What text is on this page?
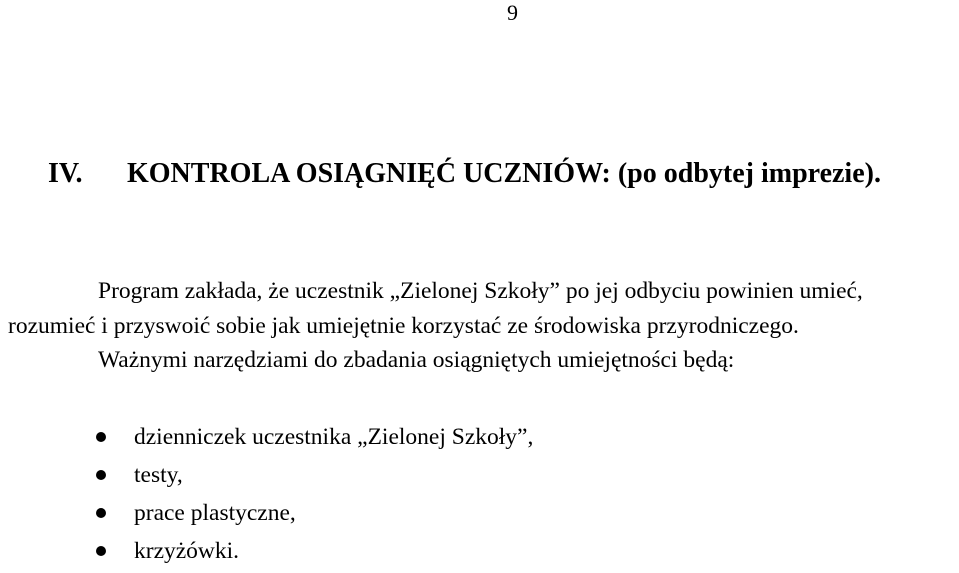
9
IV. KONTROLA OSIĄGNIĘĆ UCZNIÓW: (po odbytej imprezie).

Program zakłada, że uczestnik „Zielonej Szkoły” po jej odbyciu powinien umieć, rozumieć i przyswoić sobie jak umiejętnie korzystać ze środowiska przyrodniczego.

Ważnymi narzędziami do zbadania osiągniętych umiejętności będą:

dzienniczek uczestnika „Zielonej Szkoły”,
testy,
prace plastyczne,
krzyżówki.
